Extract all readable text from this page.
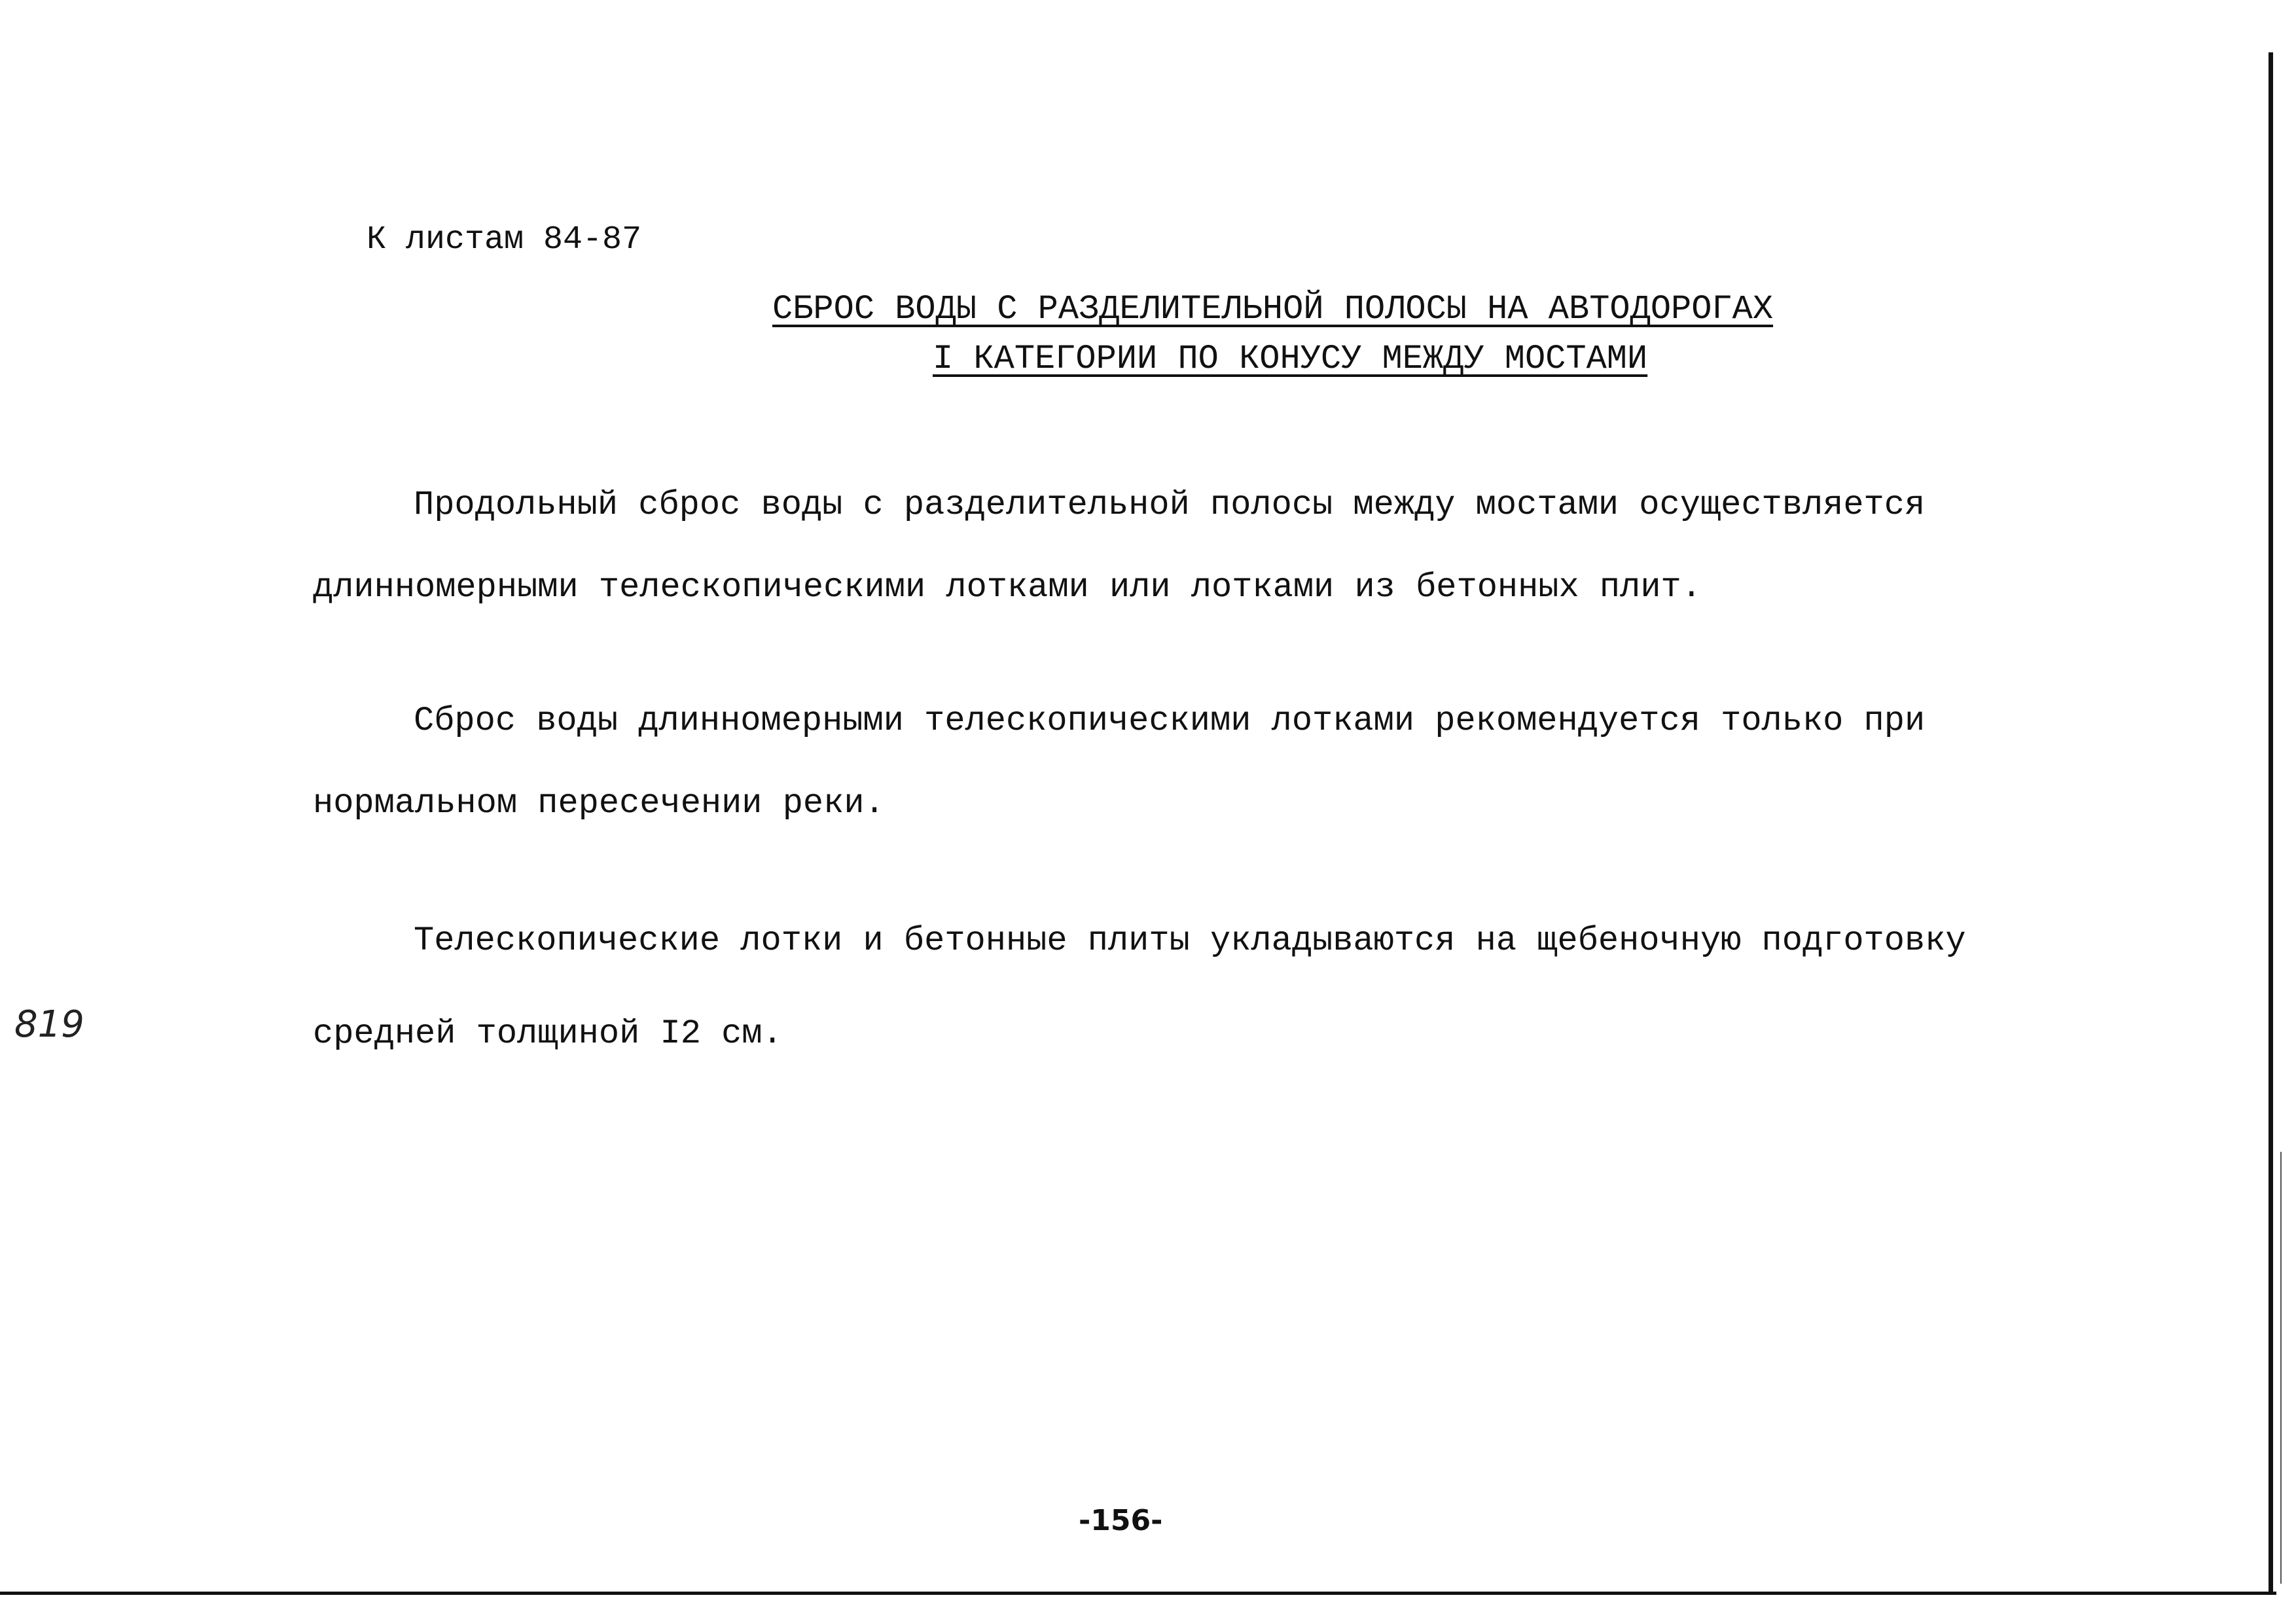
К листам 84-87
СБРОС ВОДЫ С РАЗДЕЛИТЕЛЬНОЙ ПОЛОСЫ НА АВТОДОРОГАХ
I КАТЕГОРИИ ПО КОНУСУ МЕЖДУ МОСТАМИ
Продольный сброс воды с разделительной полосы между мостами осуществляется
длинномерными телескопическими лотками или лотками из бетонных плит.
Сброс воды длинномерными телескопическими лотками рекомендуется только при
нормальном пересечении реки.
Телескопические лотки и бетонные плиты укладываются на щебеночную подготовку
средней толщиной I2 см.
819
-156-
